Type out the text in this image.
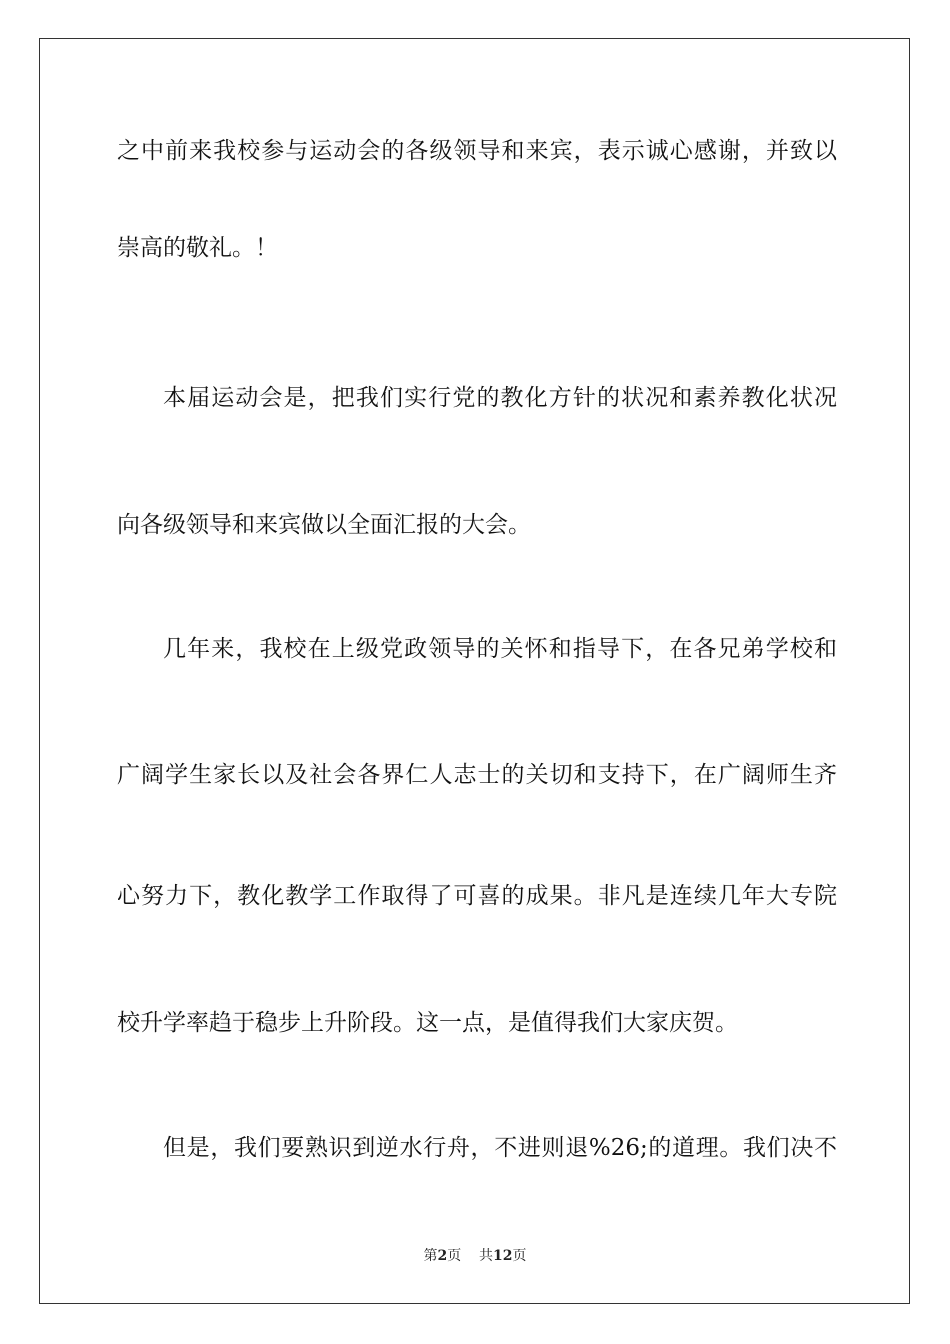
之中前来我校参与运动会的各级领导和来宾，表示诚心感谢，并致以
崇高的敬礼。！
本届运动会是，把我们实行党的教化方针的状况和素养教化状况
向各级领导和来宾做以全面汇报的大会。
几年来，我校在上级党政领导的关怀和指导下，在各兄弟学校和
广阔学生家长以及社会各界仁人志士的关切和支持下，在广阔师生齐
心努力下，教化教学工作取得了可喜的成果。非凡是连续几年大专院
校升学率趋于稳步上升阶段。这一点，是值得我们大家庆贺。
但是，我们要熟识到逆水行舟，不进则退%26;的道理。我们决不
第2页 共12页
